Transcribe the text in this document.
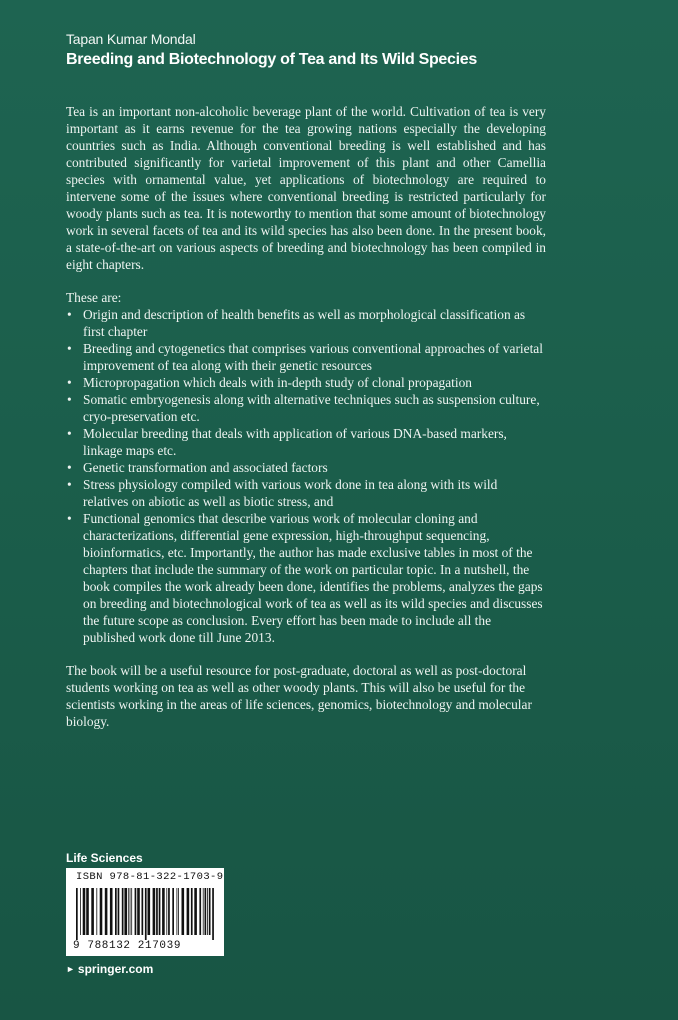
Tapan Kumar Mondal
Breeding and Biotechnology of Tea and Its Wild Species

Tea is an important non-alcoholic beverage plant of the world. Cultivation of tea is very important as it earns revenue for the tea growing nations especially the developing countries such as India. Although conventional breeding is well established and has contributed significantly for varietal improvement of this plant and other Camellia species with ornamental value, yet applications of biotechnology are required to intervene some of the issues where conventional breeding is restricted particularly for woody plants such as tea. It is noteworthy to mention that some amount of biotechnology work in several facets of tea and its wild species has also been done. In the present book, a state-of-the-art on various aspects of breeding and biotechnology has been compiled in eight chapters.

These are:

• Origin and description of health benefits as well as morphological classification as first chapter
• Breeding and cytogenetics that comprises various conventional approaches of varietal improvement of tea along with their genetic resources
• Micropropagation which deals with in-depth study of clonal propagation
• Somatic embryogenesis along with alternative techniques such as suspension culture, cryo-preservation etc.
• Molecular breeding that deals with application of various DNA-based markers, linkage maps etc.
• Genetic transformation and associated factors
• Stress physiology compiled with various work done in tea along with its wild relatives on abiotic as well as biotic stress, and
• Functional genomics that describe various work of molecular cloning and characterizations, differential gene expression, high-throughput sequencing, bioinformatics, etc. Importantly, the author has made exclusive tables in most of the chapters that include the summary of the work on particular topic. In a nutshell, the book compiles the work already been done, identifies the problems, analyzes the gaps on breeding and biotechnological work of tea as well as its wild species and discusses the future scope as conclusion. Every effort has been made to include all the published work done till June 2013.

The book will be a useful resource for post-graduate, doctoral as well as post-doctoral students working on tea as well as other woody plants. This will also be useful for the scientists working in the areas of life sciences, genomics, biotechnology and molecular biology.

Life Sciences
ISBN 978-81-322-1703-9
9 788132 217039
► springer.com
